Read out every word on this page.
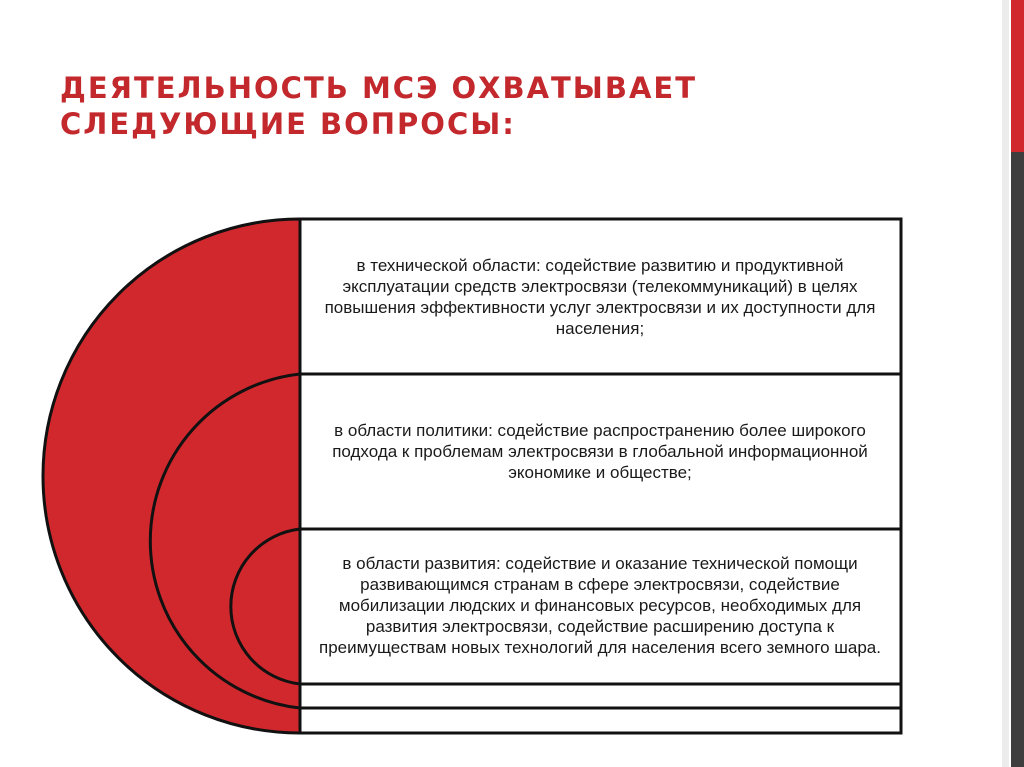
ДЕЯТЕЛЬНОСТЬ МСЭ ОХВАТЫВАЕТ
СЛЕДУЮЩИЕ ВОПРОСЫ:
в технической области: содействие развитию и продуктивной эксплуатации средств электросвязи (телекоммуникаций) в целях повышения эффективности услуг электросвязи и их доступности для населения;
в области политики: содействие распространению более широкого подхода к проблемам электросвязи в глобальной информационной экономике и обществе;
в области развития: содействие и оказание технической помощи развивающимся странам в сфере электросвязи, содействие мобилизации людских и финансовых ресурсов, необходимых для развития электросвязи, содействие расширению доступа к преимуществам новых технологий для населения всего земного шара.
